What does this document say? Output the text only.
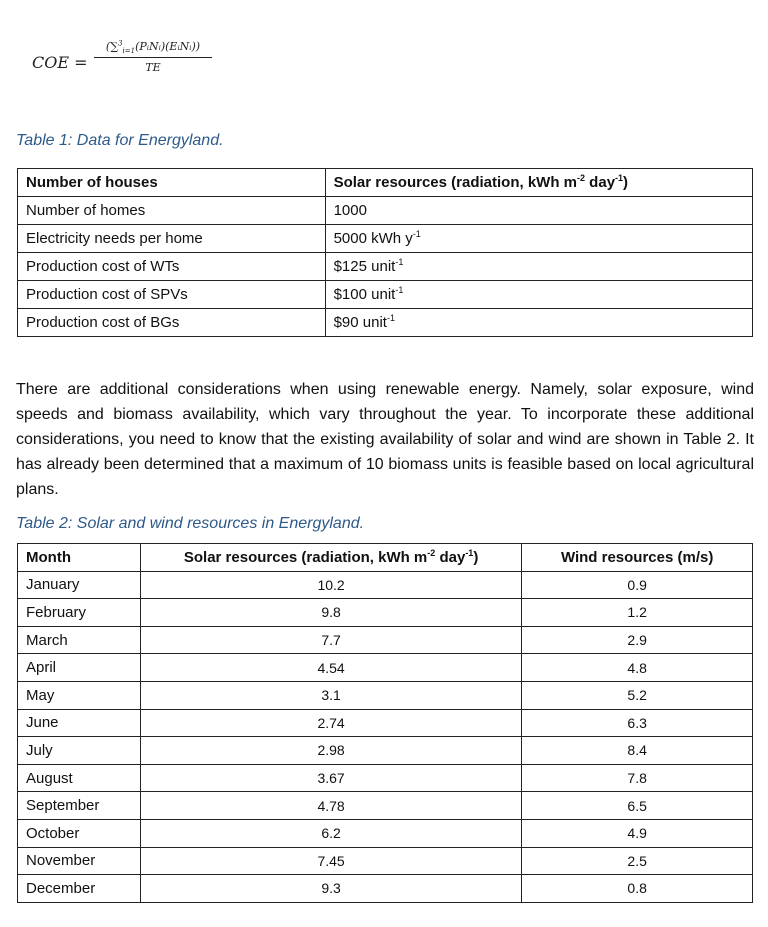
COE =
(∑$^3_{i=1}$(PᵢNᵢ)(EᵢNᵢ))
TE
Table 1: Data for Energyland.
Number of houses	Solar resources (radiation, kWh $m^{-2}$ day$^{-1}$)
Number of homes	1000
Electricity needs per home	5000 kWh $y^{-1}$
Production cost of WTs	$125 unit$^{-1}$
Production cost of SPVs	$100 unit$^{-1}$
Production cost of BGs	$90 unit$^{-1}$
There are additional considerations when using renewable energy. Namely, solar exposure, wind speeds and biomass availability, which vary throughout the year. To incorporate these additional considerations, you need to know that the existing availability of solar and wind are shown in Table 2. It has already been determined that a maximum of 10 biomass units is feasible based on local agricultural plans.
Table 2: Solar and wind resources in Energyland.
Month	Solar resources (radiation, kWh $m^{-2}$ day$^{-1}$)	Wind resources (m/s)
January	10.2	0.9
February	9.8	1.2
March	7.7	2.9
April	4.54	4.8
May	3.1	5.2
June	2.74	6.3
July	2.98	8.4
August	3.67	7.8
September	4.78	6.5
October	6.2	4.9
November	7.45	2.5
December	9.3	0.8
